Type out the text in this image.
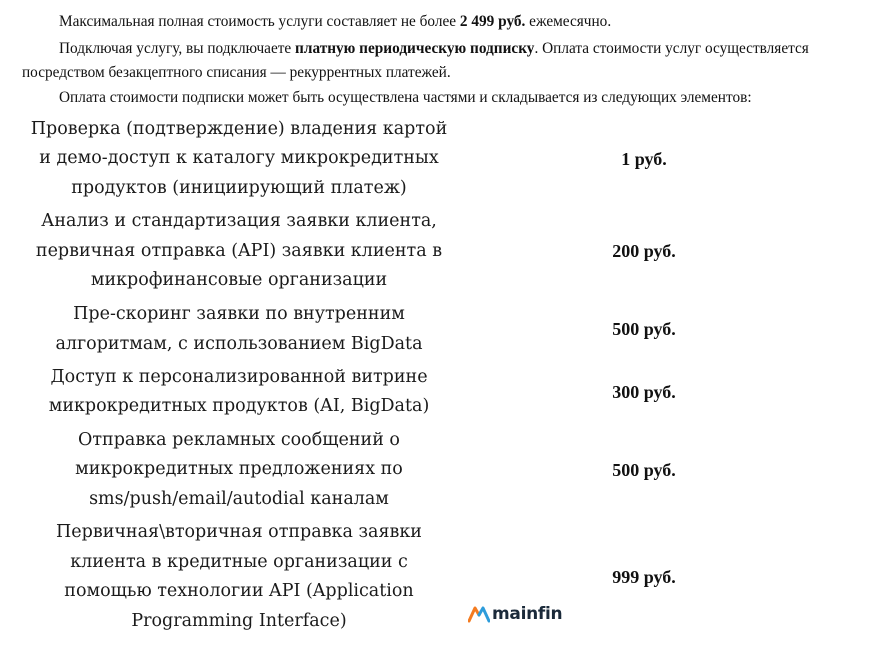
Максимальная полная стоимость услуги составляет не более 2 499 руб. ежемесячно.

Подключая услугу, вы подключаете платную периодическую подписку. Оплата стоимости услуг осуществляется посредством безакцептного списания — рекуррентных платежей.

Оплата стоимости подписки может быть осуществлена частями и складывается из следующих элементов:

Проверка (подтверждение) владения картой и демо-доступ к каталогу микрокредитных продуктов (инициирующий платеж)	1 руб.
Анализ и стандартизация заявки клиента, первичная отправка (API) заявки клиента в микрофинансовые организации	200 руб.
Пре-скоринг заявки по внутренним алгоритмам, с использованием BigData	500 руб.
Доступ к персонализированной витрине микрокредитных продуктов (AI, BigData)	300 руб.
Отправка рекламных сообщений о микрокредитных предложениях по sms/push/email/autodial каналам	500 руб.
Первичная\вторичная отправка заявки клиента в кредитные организации с помощью технологии API (Application Programming Interface)	999 руб.
mainfin
